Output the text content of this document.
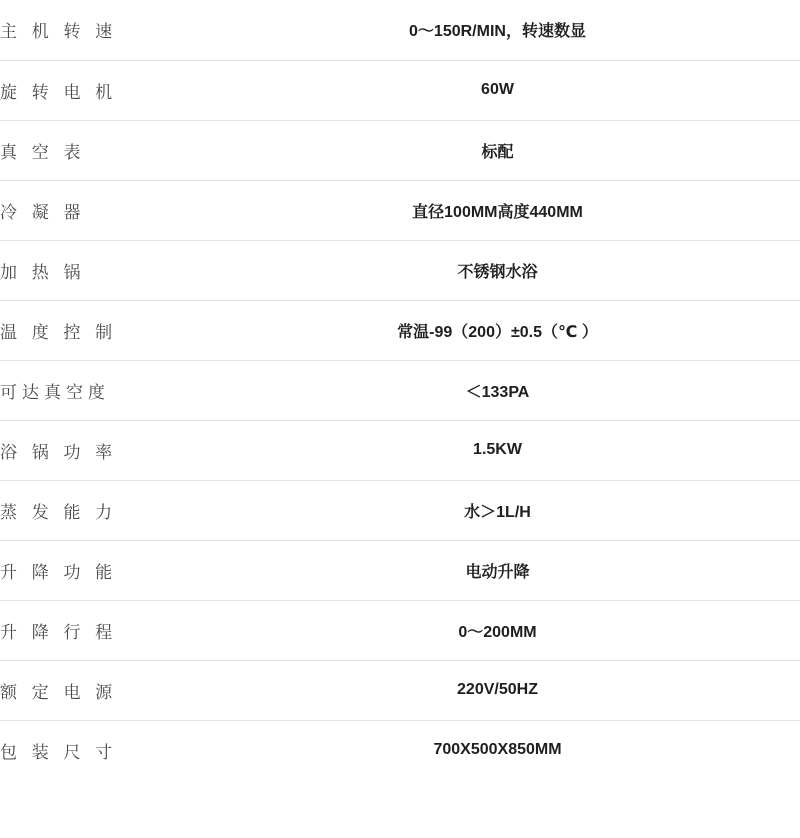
主 机 转 速	0～150R/MIN，转速数显
旋 转 电 机	60W
真 空 表	标配
冷 凝 器	直径100MM高度440MM
加 热 锅	不锈钢水浴
温 度 控 制	常温-99（200）±0.5（℃ ）
可达真空度	＜133PA
浴 锅 功 率	1.5KW
蒸 发 能 力	水＞1L/H
升 降 功 能	电动升降
升 降 行 程	0～200MM
额 定 电 源	220V/50HZ
包 装 尺 寸	700X500X850MM
